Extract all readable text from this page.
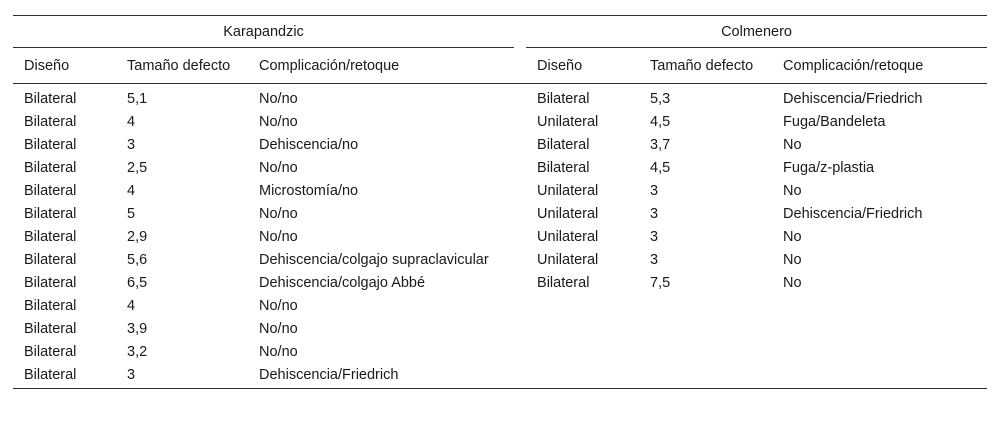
Karapandzic				Colmenero		
Diseño	Tamaño defecto	Complicación/retoque		Diseño	Tamaño defecto	Complicación/retoque
Bilateral	5,1	No/no		Bilateral	5,3	Dehiscencia/Friedrich
Bilateral	4	No/no		Unilateral	4,5	Fuga/Bandeleta
Bilateral	3	Dehiscencia/no		Bilateral	3,7	No
Bilateral	2,5	No/no		Bilateral	4,5	Fuga/z-plastia
Bilateral	4	Microstomía/no		Unilateral	3	No
Bilateral	5	No/no		Unilateral	3	Dehiscencia/Friedrich
Bilateral	2,9	No/no		Unilateral	3	No
Bilateral	5,6	Dehiscencia/colgajo supraclavicular		Unilateral	3	No
Bilateral	6,5	Dehiscencia/colgajo Abbé		Bilateral	7,5	No
Bilateral	4	No/no				
Bilateral	3,9	No/no				
Bilateral	3,2	No/no				
Bilateral	3	Dehiscencia/Friedrich				
